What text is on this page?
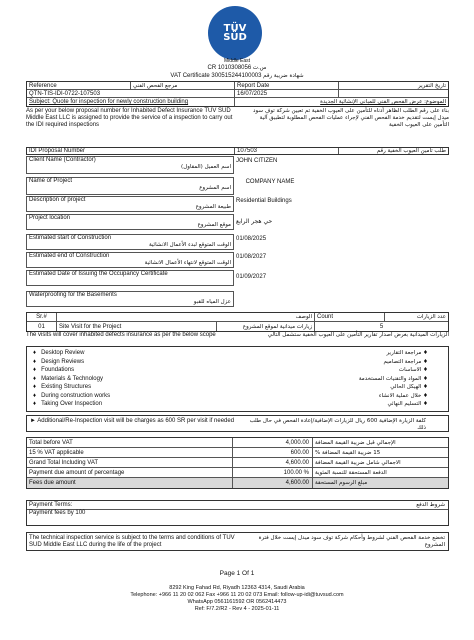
TÜV
SÜD
Middle East
CR 1010308056 س.ت
VAT Certificate 300515244100003 شهادة ضريبة رقم
Reference	مرجع الفحص الفني	Report Date	تاريخ التقرير
QTN-TIS-IDI-0722-107503	16/07/2025
Subject: Quote for inspection for newly construction building	الموضوع: عرض الفحص الفني للمباني الإنشائية الجديدة
As per your below proposal number for Inhabited Defect Insurance TUV SUD Middle East LLC is assigned to provide the service of a inspection to carry out the IDI required inspections
بناء على رقم الطلب الظاهر أدناه للتأمين على العيوب الخفية تم تعيين شركة توف سود ميدل إيست لتقديم خدمة الفحص الفني لإجراء عمليات الفحص المطلوبة لتطبيق آلية التأمين على العيوب الخفية
IDI Proposal Number	107503	طلب تأمين العيوب الخفية رقم
Client Name (Contractor)
اسم العميل (المقاول)
JOHN CITIZEN
Name of Project
اسم المشروع
COMPANY NAME
Description of project
طبيعة المشروع
Residential Buildings
Project location
موقع المشروع حي هجر الرابع
Estimated start of Construction
الوقت المتوقع لبدء الأعمال الانشائية
01/08/2025
Estimated end of Construction
الوقت المتوقع لانتهاء الأعمال الانشائية
01/08/2027
Estimated Date of Issuing the Occupancy Certificate	01/09/2027
Waterproofing for the Basements
عزل المياه للقبو
Sr.#	الوصف Count	عدد الزيارات
01	Site Visit for the Project	زيارات ميدانية لموقع المشروع	5
The visits will cover inhabited defects insurance as per the below scope	الزيارات الميدانية بغرض اصدار تقارير التأمين على العيوب الخفية ستشمل التالي
♦   Desktop Review
♦   Design Reviews
♦   Foundations
♦   Materials & Technology
♦   Existing Structures
♦   During construction works
♦   Taking Over Inspection
♦ مراجعة التقارير
♦ مراجعة التصاميم
♦ الاساسات
♦ المواد والتقنيات المستخدمة
♦ الهيكل الحالي
♦ خلال عملية الانشاء
♦ التسليم النهائي
► Additional/Re-Inspection visit will be charges as 600 SR per visit if needed	كلفة الزيارة الإضافية 600 ريال للزيارات الإضافية/إعادة الفحص في حال طلب ذلك
Total before VAT	4,000.00	الإجمالي قبل ضريبة القيمة المضافة
15 % VAT applicable	600.00	15 ضريبة القيمة المضافة %
Grand Total Including VAT	4,600.00	الاجمالي شامل ضريبة القيمة المضافة
Payment due amount of percentage	100.00 %	الدفعة المستحقة للنسبة المئوية
Fees due amount	4,600.00	مبلغ الرسوم المستحقة
Payment Terms:	شروط الدفع
Payment fees by 100
The technical inspection service is subject to the terms and conditions of TUV SUD Middle East LLC during the life of the project
تخضع خدمة الفحص الفني لشروط وأحكام شركة توف سود ميدل إيست خلال فترة المشروع
Page 1 Of 1
8292 King Fahad Rd, Riyadh 12363 4314, Saudi Arabia
Telephone: +966 11 20 02 062 Fax +966 11 20 02 073 Email: follow-up-idi@tuvsud.com
WhatsApp 0561161592 OR 0562414473
Ref: F/7.2/R2 - Rev 4 - 2025-01-11
